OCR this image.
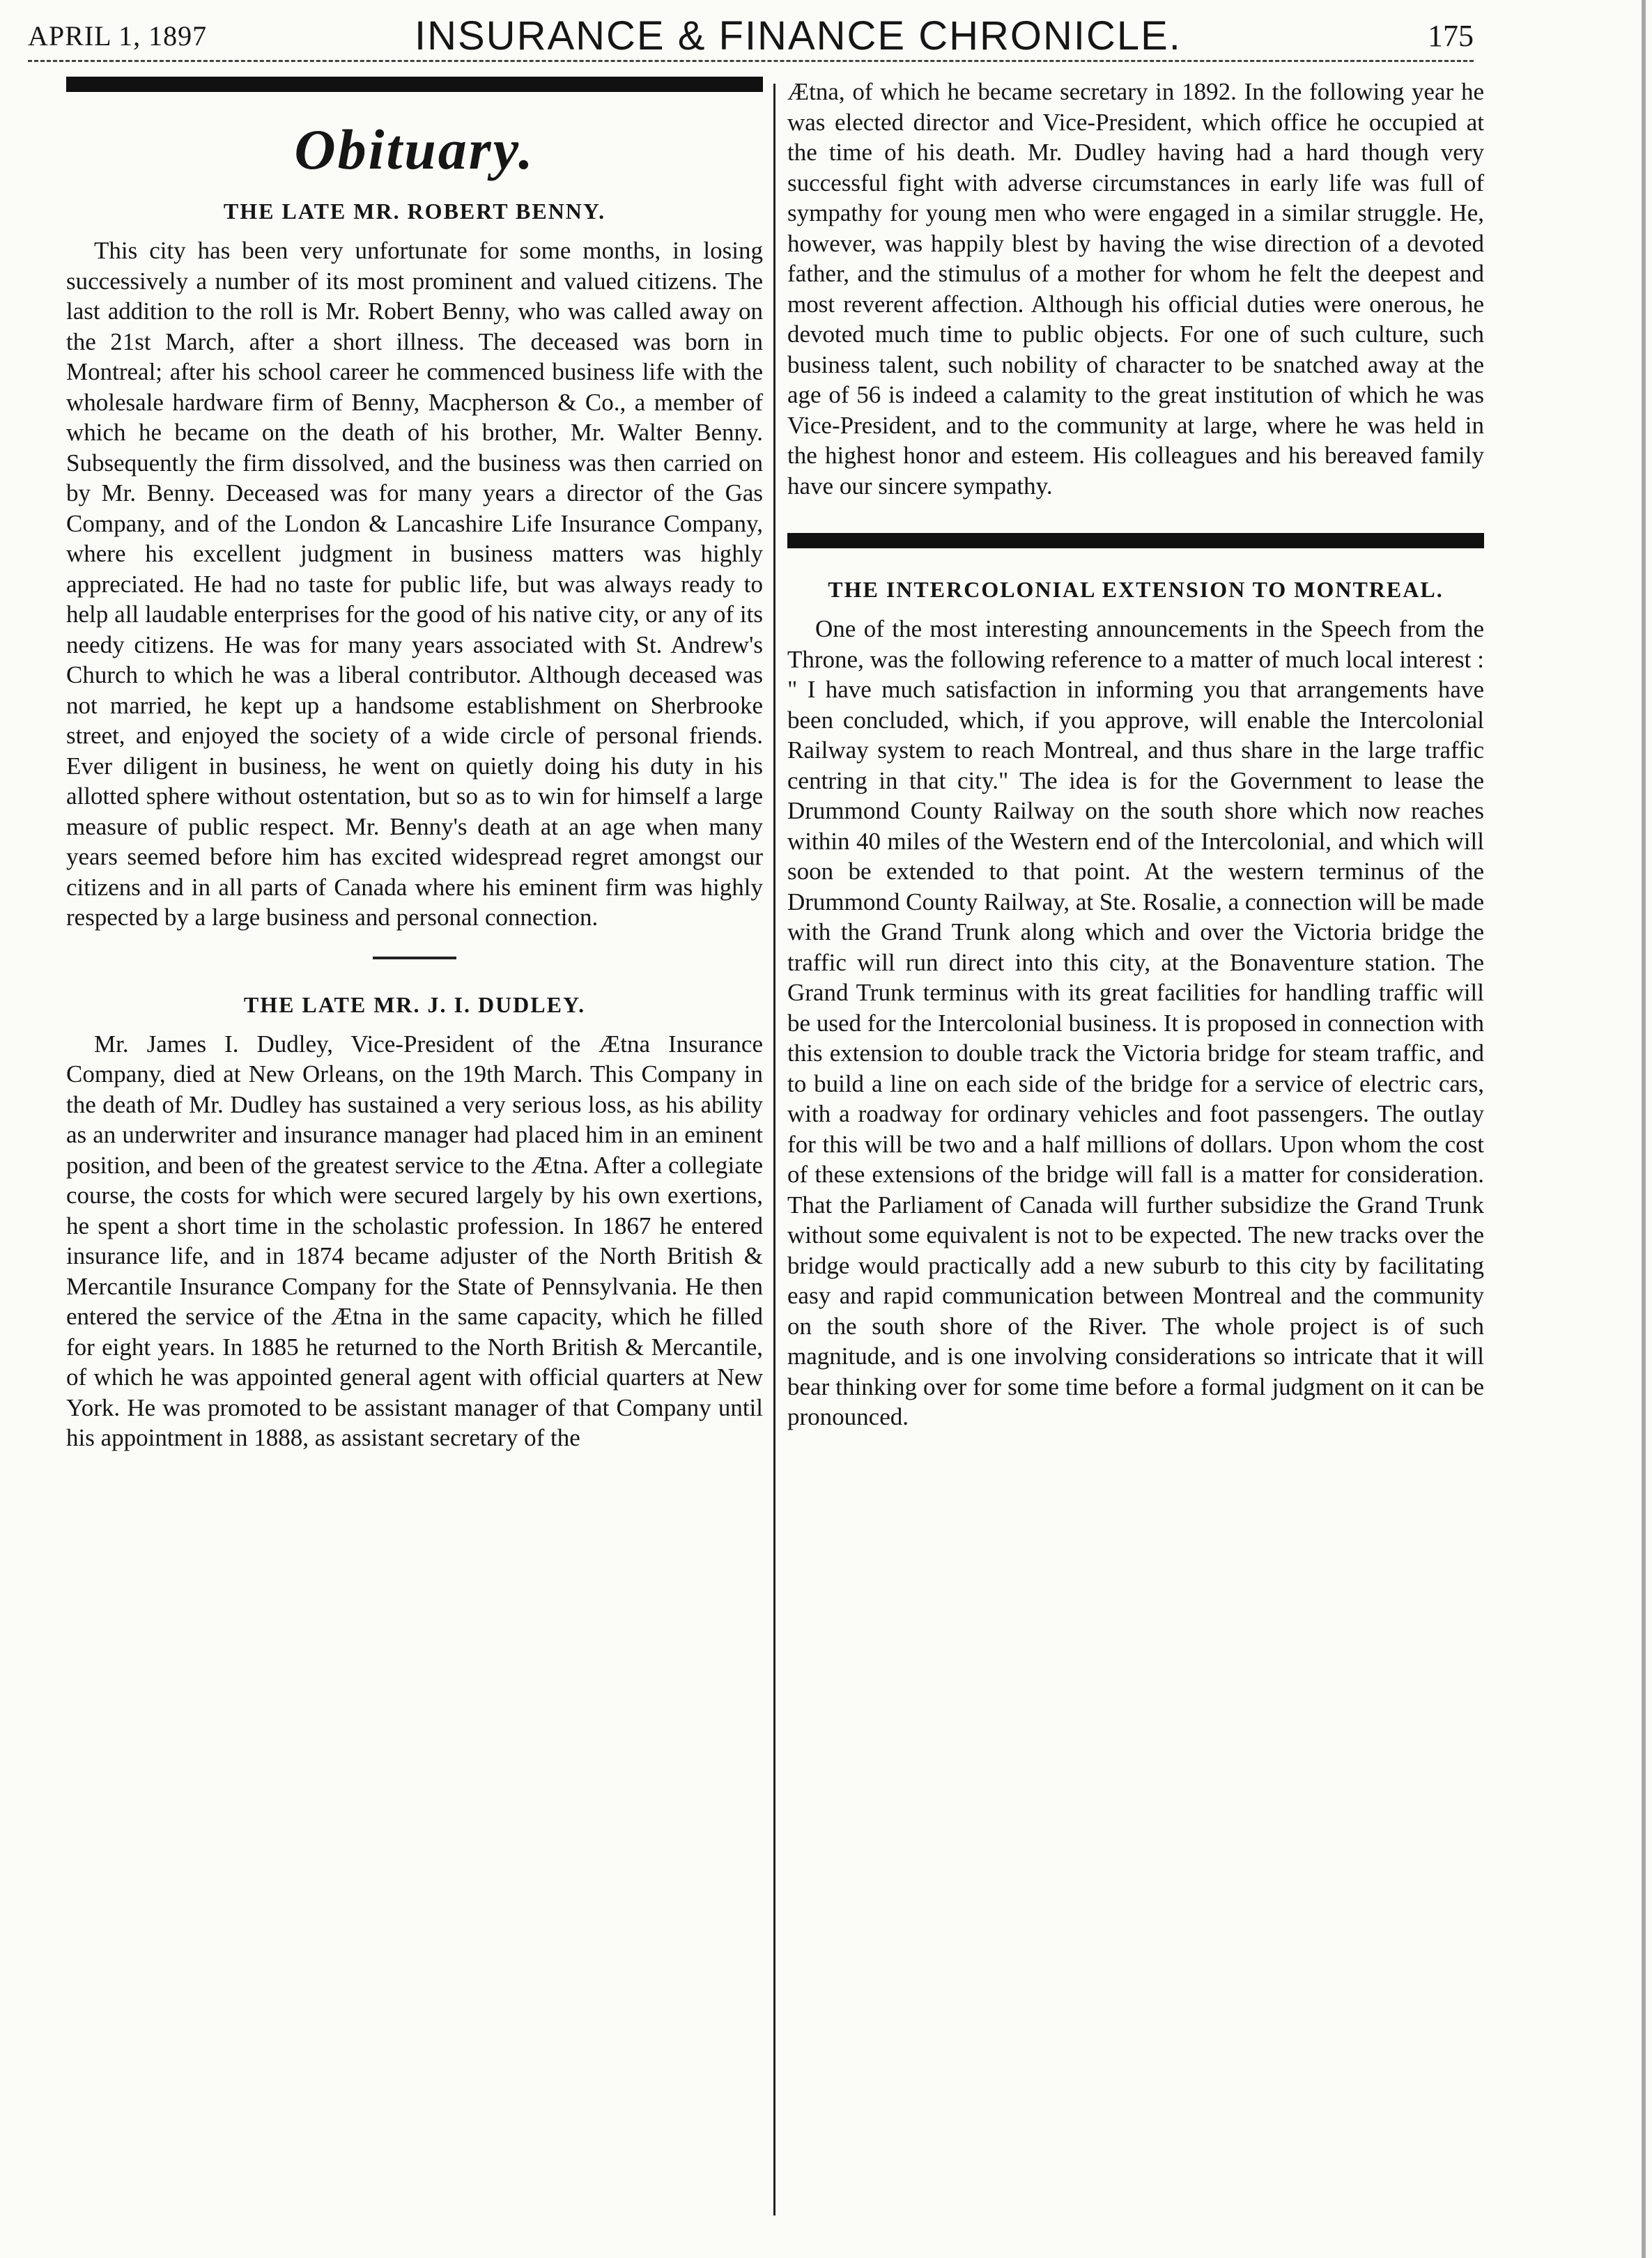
APRIL 1, 1897	INSURANCE & FINANCE CHRONICLE.	175
Obituary.
THE LATE MR. ROBERT BENNY.

This city has been very unfortunate for some months, in losing successively a number of its most prominent and valued citizens. The last addition to the roll is Mr. Robert Benny, who was called away on the 21st March, after a short illness. The deceased was born in Montreal; after his school career he commenced business life with the wholesale hardware firm of Benny, Macpherson & Co., a member of which he became on the death of his brother, Mr. Walter Benny. Subsequently the firm dissolved, and the business was then carried on by Mr. Benny. Deceased was for many years a director of the Gas Company, and of the London & Lancashire Life Insurance Company, where his excellent judgment in business matters was highly appreciated. He had no taste for public life, but was always ready to help all laudable enterprises for the good of his native city, or any of its needy citizens. He was for many years associated with St. Andrew's Church to which he was a liberal contributor. Although deceased was not married, he kept up a handsome establishment on Sherbrooke street, and enjoyed the society of a wide circle of personal friends. Ever diligent in business, he went on quietly doing his duty in his allotted sphere without ostentation, but so as to win for himself a large measure of public respect. Mr. Benny's death at an age when many years seemed before him has excited widespread regret amongst our citizens and in all parts of Canada where his eminent firm was highly respected by a large business and personal connection.

THE LATE MR. J. I. DUDLEY.

Mr. James I. Dudley, Vice-President of the Ætna Insurance Company, died at New Orleans, on the 19th March. This Company in the death of Mr. Dudley has sustained a very serious loss, as his ability as an underwriter and insurance manager had placed him in an eminent position, and been of the greatest service to the Ætna. After a collegiate course, the costs for which were secured largely by his own exertions, he spent a short time in the scholastic profession. In 1867 he entered insurance life, and in 1874 became adjuster of the North British & Mercantile Insurance Company for the State of Pennsylvania. He then entered the service of the Ætna in the same capacity, which he filled for eight years. In 1885 he returned to the North British & Mercantile, of which he was appointed general agent with official quarters at New York. He was promoted to be assistant manager of that Company until his appointment in 1888, as assistant secretary of the

Ætna, of which he became secretary in 1892. In the following year he was elected director and Vice-President, which office he occupied at the time of his death. Mr. Dudley having had a hard though very successful fight with adverse circumstances in early life was full of sympathy for young men who were engaged in a similar struggle. He, however, was happily blest by having the wise direction of a devoted father, and the stimulus of a mother for whom he felt the deepest and most reverent affection. Although his official duties were onerous, he devoted much time to public objects. For one of such culture, such business talent, such nobility of character to be snatched away at the age of 56 is indeed a calamity to the great institution of which he was Vice-President, and to the community at large, where he was held in the highest honor and esteem. His colleagues and his bereaved family have our sincere sympathy.

THE INTERCOLONIAL EXTENSION TO MONTREAL.

One of the most interesting announcements in the Speech from the Throne, was the following reference to a matter of much local interest : " I have much satisfaction in informing you that arrangements have been concluded, which, if you approve, will enable the Intercolonial Railway system to reach Montreal, and thus share in the large traffic centring in that city." The idea is for the Government to lease the Drummond County Railway on the south shore which now reaches within 40 miles of the Western end of the Intercolonial, and which will soon be extended to that point. At the western terminus of the Drummond County Railway, at Ste. Rosalie, a connection will be made with the Grand Trunk along which and over the Victoria bridge the traffic will run direct into this city, at the Bonaventure station. The Grand Trunk terminus with its great facilities for handling traffic will be used for the Intercolonial business. It is proposed in connection with this extension to double track the Victoria bridge for steam traffic, and to build a line on each side of the bridge for a service of electric cars, with a roadway for ordinary vehicles and foot passengers. The outlay for this will be two and a half millions of dollars. Upon whom the cost of these extensions of the bridge will fall is a matter for consideration. That the Parliament of Canada will further subsidize the Grand Trunk without some equivalent is not to be expected. The new tracks over the bridge would practically add a new suburb to this city by facilitating easy and rapid communication between Montreal and the community on the south shore of the River. The whole project is of such magnitude, and is one involving considerations so intricate that it will bear thinking over for some time before a formal judgment on it can be pronounced.
